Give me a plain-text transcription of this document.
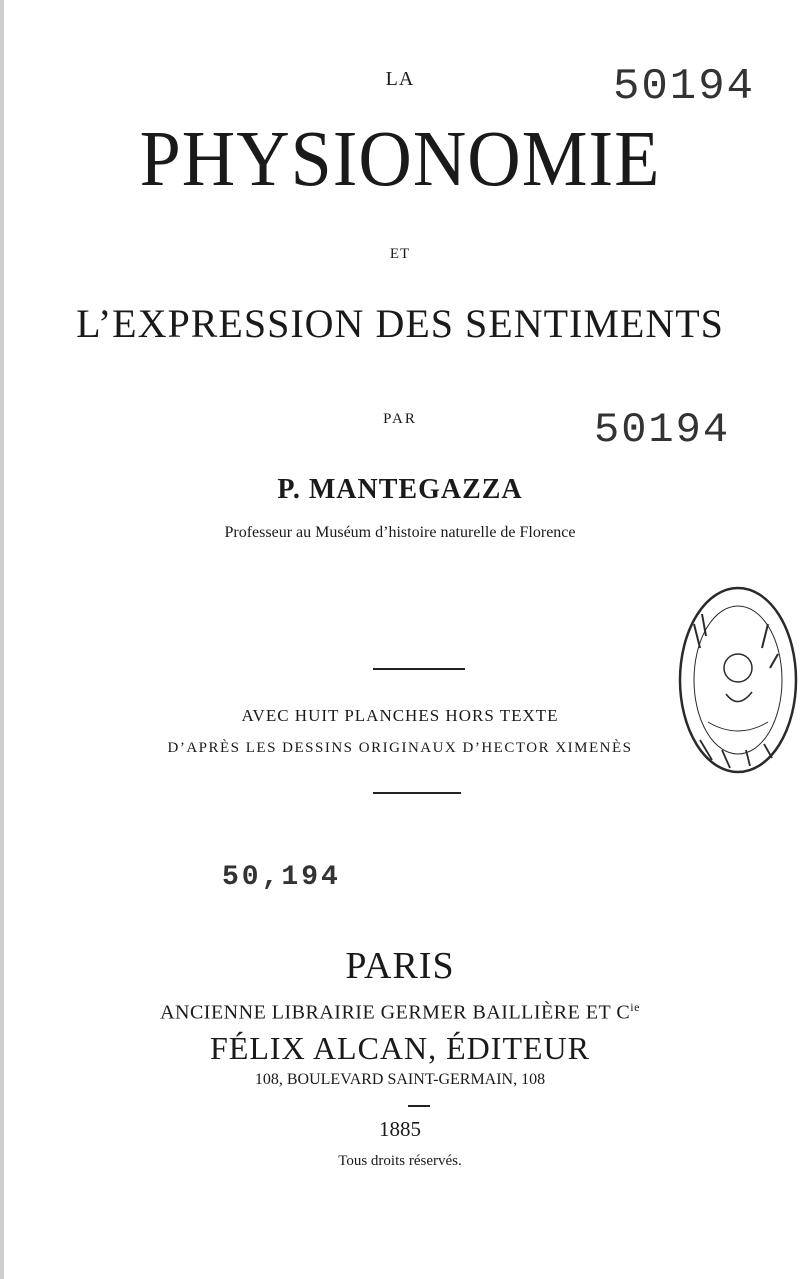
LA
PHYSIONOMIE
ET
L’EXPRESSION DES SENTIMENTS
PAR
P. MANTEGAZZA
Professeur au Muséum d’histoire naturelle de Florence
AVEC HUIT PLANCHES HORS TEXTE
D’APRÈS LES DESSINS ORIGINAUX D’HECTOR XIMENÈS
50194
50194
50,194
PARIS
ANCIENNE LIBRAIRIE GERMER BAILLIÈRE ET $C^{ie}$
FÉLIX ALCAN, ÉDITEUR
108, BOULEVARD SAINT-GERMAIN, 108
1885
Tous droits réservés.
